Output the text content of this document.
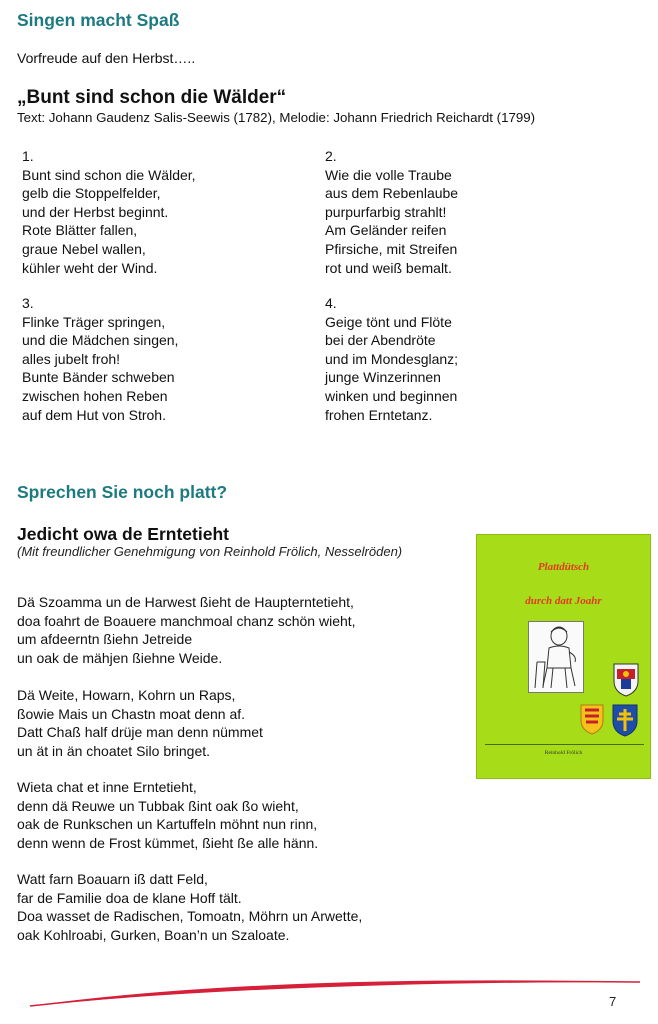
Singen macht Spaß
Vorfreude auf den Herbst…..
„Bunt sind schon die Wälder“
Text: Johann Gaudenz Salis-Seewis (1782), Melodie: Johann Friedrich Reichardt (1799)
1.
Bunt sind schon die Wälder,
gelb die Stoppelfelder,
und der Herbst beginnt.
Rote Blätter fallen,
graue Nebel wallen,
kühler weht der Wind.
2.
Wie die volle Traube
aus dem Rebenlaube
purpurfarbig strahlt!
Am Geländer reifen
Pfirsiche, mit Streifen
rot und weiß bemalt.
3.
Flinke Träger springen,
und die Mädchen singen,
alles jubelt froh!
Bunte Bänder schweben
zwischen hohen Reben
auf dem Hut von Stroh.
4.
Geige tönt und Flöte
bei der Abendröte
und im Mondesglanz;
junge Winzerinnen
winken und beginnen
frohen Erntetanz.
Sprechen Sie noch platt?
Jedicht owa de Erntetieht
(Mit freundlicher Genehmigung von Reinhold Frölich, Nesselröden)
Dä Szoamma un de Harwest ßieht de Haupterntetieht,
doa foahrt de Boauere manchmoal chanz schön wieht,
um afdeerntn ßiehn Jetreide
un oak de mähjen ßiehne Weide.
Dä Weite, Howarn, Kohrn un Raps,
ßowie Mais un Chastn moat denn af.
Datt Chaß half drüje man denn nümmet
un ät in än choatet Silo bringet.
Wieta chat et inne Erntetieht,
denn dä Reuwe un Tubbak ßint oak ßo wieht,
oak de Runkschen un Kartuffeln möhnt nun rinn,
denn wenn de Frost kümmet, ßieht ße alle hänn.
Watt farn Boauarn iß datt Feld,
far de Familie doa de klane Hoff tält.
Doa wasset de Radischen, Tomoatn, Möhrn un Arwette,
oak Kohlroabi, Gurken, Boan’n un Szaloate.
Plattdütsch
durch datt Joahr
Reinhold Frölich
7
